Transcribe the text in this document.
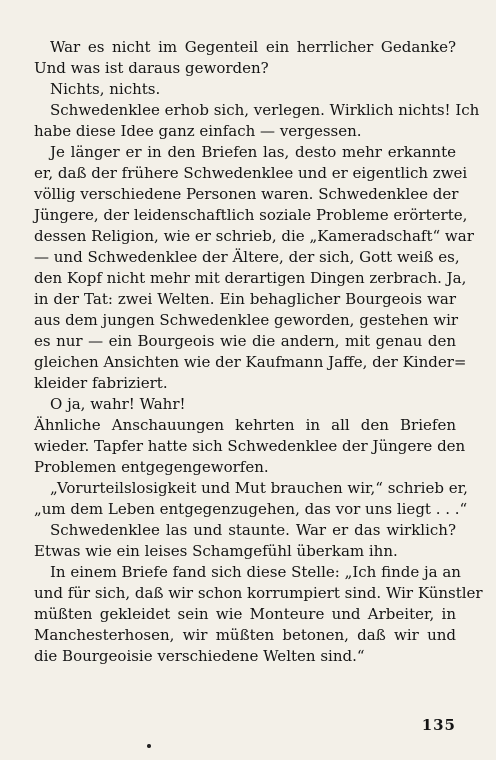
War es nicht im Gegenteil ein herrlicher Gedanke?
Und was ist daraus geworden?
Nichts, nichts.
Schwedenklee erhob sich, verlegen. Wirklich nichts! Ich
habe diese Idee ganz einfach — vergessen.
Je länger er in den Briefen las, desto mehr erkannte
er, daß der frühere Schwedenklee und er eigentlich zwei
völlig verschiedene Personen waren. Schwedenklee der
Jüngere, der leidenschaftlich soziale Probleme erörterte,
dessen Religion, wie er schrieb, die „Kameradschaft“ war
— und Schwedenklee der Ältere, der sich, Gott weiß es,
den Kopf nicht mehr mit derartigen Dingen zerbrach. Ja,
in der Tat: zwei Welten. Ein behaglicher Bourgeois war
aus dem jungen Schwedenklee geworden, gestehen wir
es nur — ein Bourgeois wie die andern, mit genau den
gleichen Ansichten wie der Kaufmann Jaffe, der Kinder=
kleider fabriziert.
O ja, wahr! Wahr!
Ähnliche Anschauungen kehrten in all den Briefen
wieder. Tapfer hatte sich Schwedenklee der Jüngere den
Problemen entgegengeworfen.
„Vorurteilslosigkeit und Mut brauchen wir,“ schrieb er,
„um dem Leben entgegenzugehen, das vor uns liegt . . .“
Schwedenklee las und staunte. War er das wirklich?
Etwas wie ein leises Schamgefühl überkam ihn.
In einem Briefe fand sich diese Stelle: „Ich finde ja an
und für sich, daß wir schon korrumpiert sind. Wir Künstler
müßten gekleidet sein wie Monteure und Arbeiter, in
Manchesterhosen, wir müßten betonen, daß wir und
die Bourgeoisie verschiedene Welten sind.“
135
